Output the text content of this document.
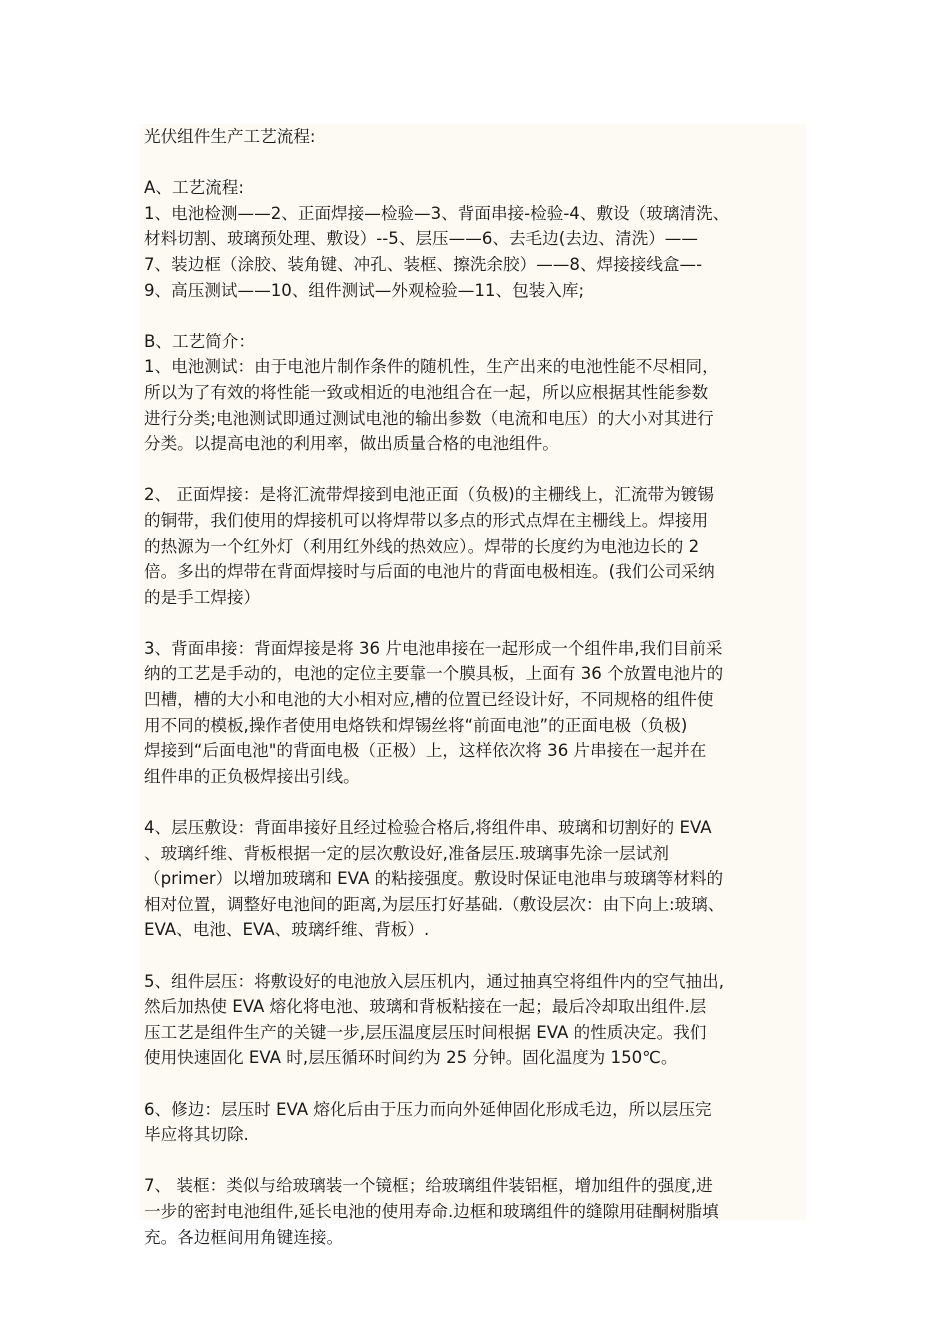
光伏组件生产工艺流程:
A、工艺流程:
1、电池检测——2、正面焊接—检验—3、背面串接-检验-4、敷设（玻璃清洗、
材料切割、玻璃预处理、敷设）--5、层压——6、去毛边(去边、清洗）——
7、装边框（涂胶、装角键、冲孔、装框、擦洗余胶）——8、焊接接线盒—-
9、高压测试——10、组件测试—外观检验—11、包装入库;
B、工艺简介：
1、电池测试：由于电池片制作条件的随机性，生产出来的电池性能不尽相同，
所以为了有效的将性能一致或相近的电池组合在一起，所以应根据其性能参数
进行分类;电池测试即通过测试电池的输出参数（电流和电压）的大小对其进行
分类。以提高电池的利用率，做出质量合格的电池组件。
2、 正面焊接：是将汇流带焊接到电池正面（负极)的主栅线上，汇流带为镀锡
的铜带，我们使用的焊接机可以将焊带以多点的形式点焊在主栅线上。焊接用
的热源为一个红外灯（利用红外线的热效应）。焊带的长度约为电池边长的 2
倍。多出的焊带在背面焊接时与后面的电池片的背面电极相连。(我们公司采纳
的是手工焊接）
3、背面串接：背面焊接是将 36 片电池串接在一起形成一个组件串,我们目前采
纳的工艺是手动的，电池的定位主要靠一个膜具板，上面有 36 个放置电池片的
凹槽，槽的大小和电池的大小相对应,槽的位置已经设计好，不同规格的组件使
用不同的模板,操作者使用电烙铁和焊锡丝将“前面电池”的正面电极（负极)
焊接到“后面电池"的背面电极（正极）上，这样依次将 36 片串接在一起并在
组件串的正负极焊接出引线。
4、层压敷设：背面串接好且经过检验合格后,将组件串、玻璃和切割好的 EVA
、玻璃纤维、背板根据一定的层次敷设好,准备层压.玻璃事先涂一层试剂
（primer）以增加玻璃和 EVA 的粘接强度。敷设时保证电池串与玻璃等材料的
相对位置，调整好电池间的距离,为层压打好基础.（敷设层次：由下向上:玻璃、
EVA、电池、EVA、玻璃纤维、背板）.
5、组件层压：将敷设好的电池放入层压机内，通过抽真空将组件内的空气抽出,
然后加热使 EVA 熔化将电池、玻璃和背板粘接在一起；最后冷却取出组件.层
压工艺是组件生产的关键一步,层压温度层压时间根据 EVA 的性质决定。我们
使用快速固化 EVA 时,层压循环时间约为 25 分钟。固化温度为 150℃。
6、修边：层压时 EVA 熔化后由于压力而向外延伸固化形成毛边，所以层压完
毕应将其切除.
7、 装框：类似与给玻璃装一个镜框；给玻璃组件装铝框，增加组件的强度,进
一步的密封电池组件,延长电池的使用寿命.边框和玻璃组件的缝隙用硅酮树脂填
充。各边框间用角键连接。
